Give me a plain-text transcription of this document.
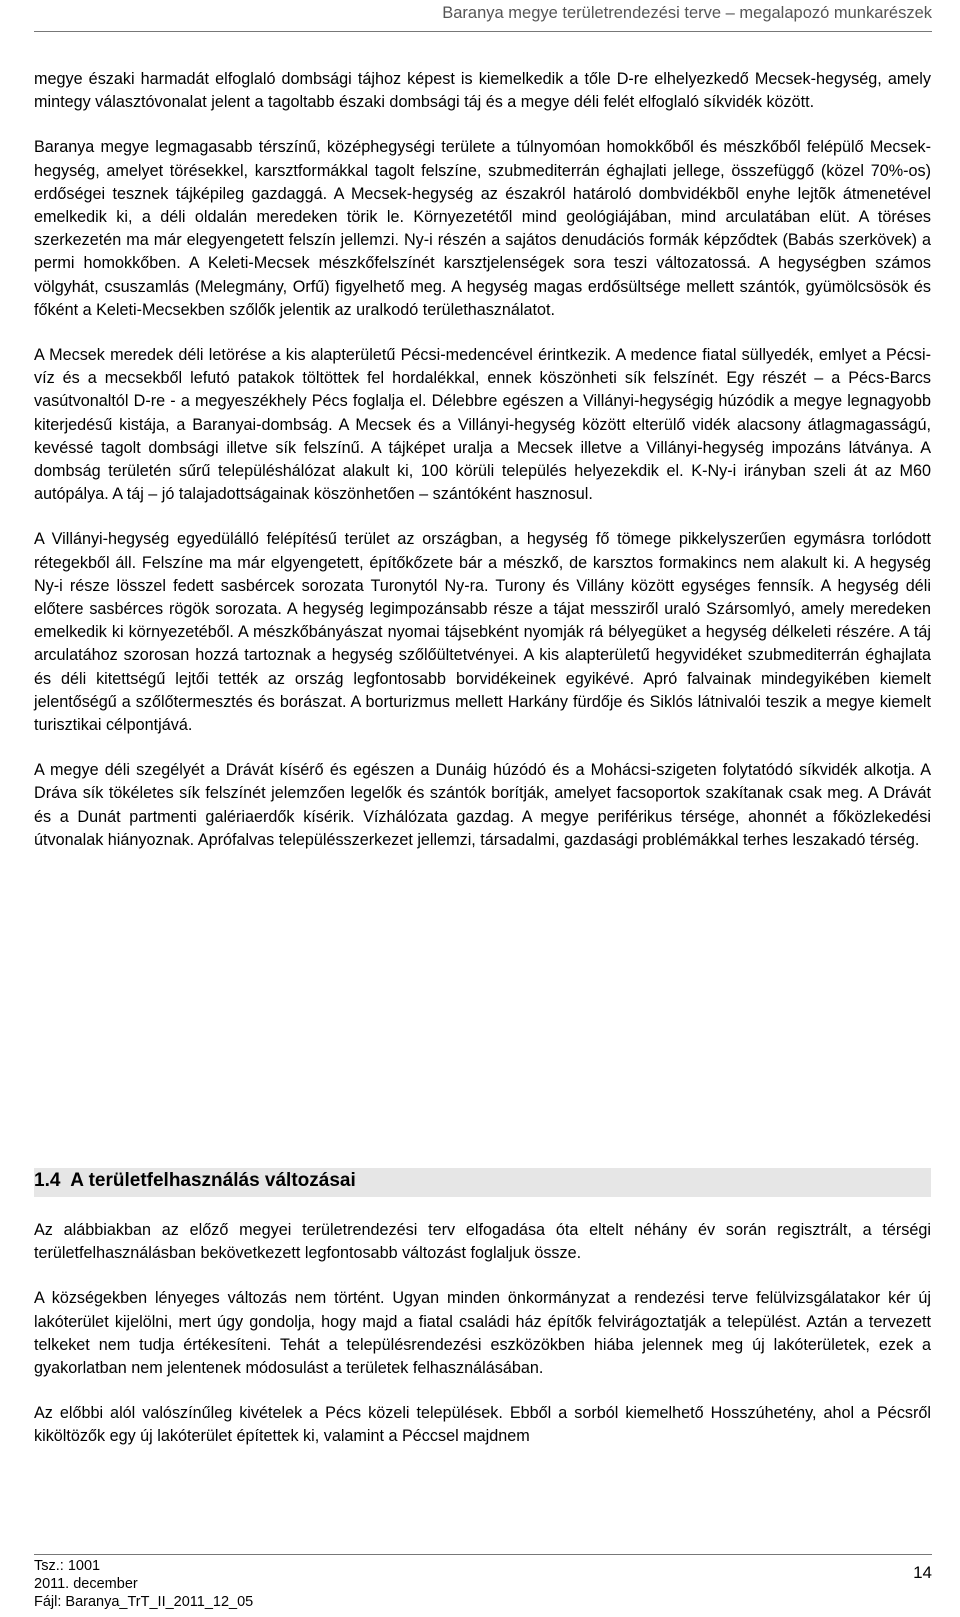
Baranya megye területrendezési terve – megalapozó munkarészek

megye északi harmadát elfoglaló dombsági tájhoz képest is kiemelkedik a tőle D-re elhelyezkedő Mecsek-hegység, amely mintegy választóvonalat jelent a tagoltabb északi dombsági táj és a megye déli felét elfoglaló síkvidék között.

Baranya megye legmagasabb térszínű, középhegységi területe a túlnyomóan homokkőből és mészkőből felépülő Mecsek-hegység, amelyet törésekkel, karsztformákkal tagolt felszíne, szubmediterrán éghajlati jellege, összefüggő (közel 70%-os) erdőségei tesznek tájképileg gazdaggá. A Mecsek-hegység az északról határoló dombvidékbõl enyhe lejtõk átmenetével emelkedik ki, a déli oldalán meredeken törik le. Környezetétől mind geológiájában, mind arculatában elüt. A töréses szerkezetén ma már elegyengetett felszín jellemzi. Ny-i részén a sajátos denudációs formák képződtek (Babás szerkövek) a permi homokkőben. A Keleti-Mecsek mészkőfelszínét karsztjelenségek sora teszi változatossá. A hegységben számos völgyhát, csuszamlás (Melegmány, Orfű) figyelhető meg. A hegység magas erdősültsége mellett szántók, gyümölcsösök és főként a Keleti-Mecsekben szőlők jelentik az uralkodó területhasználatot.

A Mecsek meredek déli letörése a kis alapterületű Pécsi-medencével érintkezik. A medence fiatal süllyedék, emlyet a Pécsi-víz és a mecsekből lefutó patakok töltöttek fel hordalékkal, ennek köszönheti sík felszínét. Egy részét – a Pécs-Barcs vasútvonaltól D-re - a megyeszékhely Pécs foglalja el. Délebbre egészen a Villányi-hegységig húzódik a megye legnagyobb kiterjedésű kistája, a Baranyai-dombság. A Mecsek és a Villányi-hegység között elterülő vidék alacsony átlagmagasságú, kevéssé tagolt dombsági illetve sík felszínű. A tájképet uralja a Mecsek illetve a Villányi-hegység impozáns látványa. A dombság területén sűrű településhálózat alakult ki, 100 körüli település helyezekdik el. K-Ny-i irányban szeli át az M60 autópálya. A táj – jó talajadottságainak köszönhetően – szántóként hasznosul.

A Villányi-hegység egyedülálló felépítésű terület az országban, a hegység fő tömege pikkelyszerűen egymásra torlódott rétegekből áll. Felszíne ma már elgyengetett, építőkőzete bár a mészkő, de karsztos formakincs nem alakult ki. A hegység Ny-i része lösszel fedett sasbércek sorozata Turonytól Ny-ra. Turony és Villány között egységes fennsík. A hegység déli előtere sasbérces rögök sorozata. A hegység legimpozánsabb része a tájat messziről uraló Szársomlyó, amely meredeken emelkedik ki környezetéből. A mészkőbányászat nyomai tájsebként nyomják rá bélyegüket a hegység délkeleti részére. A táj arculatához szorosan hozzá tartoznak a hegység szőlőültetvényei. A kis alapterületű hegyvidéket szubmediterrán éghajlata és déli kitettségű lejtői tették az ország legfontosabb borvidékeinek egyikévé. Apró falvainak mindegyikében kiemelt jelentőségű a szőlőtermesztés és borászat. A borturizmus mellett Harkány fürdője és Siklós látnivalói teszik a megye kiemelt turisztikai célpontjává.

A megye déli szegélyét a Drávát kísérő és egészen a Dunáig húzódó és a Mohácsi-szigeten folytatódó síkvidék alkotja. A Dráva sík tökéletes sík felszínét jelemzően legelők és szántók borítják, amelyet facsoportok szakítanak csak meg. A Drávát és a Dunát partmenti galériaerdők kísérik. Vízhálózata gazdag. A megye periférikus térsége, ahonnét a főközlekedési útvonalak hiányoznak. Aprófalvas településszerkezet jellemzi, társadalmi, gazdasági problémákkal terhes leszakadó térség.

1.4 A területfelhasználás változásai

Az alábbiakban az előző megyei területrendezési terv elfogadása óta eltelt néhány év során regisztrált, a térségi területfelhasználásban bekövetkezett legfontosabb változást foglaljuk össze.

A községekben lényeges változás nem történt. Ugyan minden önkormányzat a rendezési terve felülvizsgálatakor kér új lakóterület kijelölni, mert úgy gondolja, hogy majd a fiatal családi ház építők felvirágoztatják a települést. Aztán a tervezett telkeket nem tudja értékesíteni. Tehát a településrendezési eszközökben hiába jelennek meg új lakóterületek, ezek a gyakorlatban nem jelentenek módosulást a területek felhasználásában.

Az előbbi alól valószínűleg kivételek a Pécs közeli települések. Ebből a sorból kiemelhető Hosszúhetény, ahol a Pécsről kiköltözők egy új lakóterület építettek ki, valamint a Péccsel majdnem

Tsz.: 1001
2011. december
Fájl: Baranya_TrT_II_2011_12_05
14
